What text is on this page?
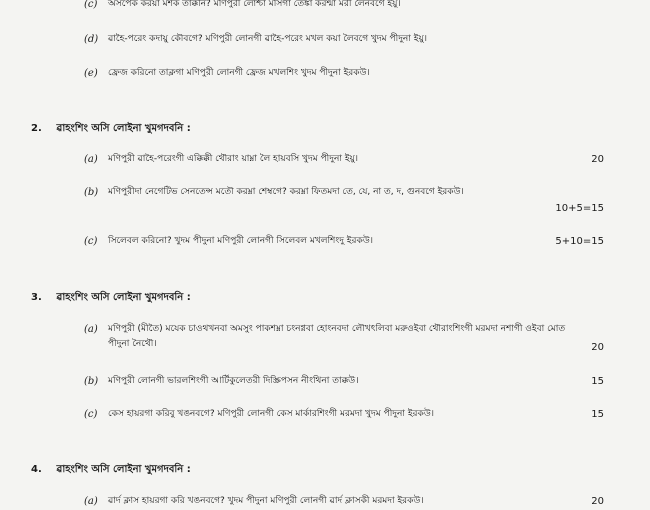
(c)	অসপেক করয়া মশক তাক্কনি? মণিপুরী লোশ্চা মসিগা তেঙ্কা করশ্মা মরী লৈনবগে ইয়ু।
(d)	ৱাহৈ-পরেং কদায়ু কৌবগে? মণিপুরী লোনগী ৱাহৈ-পরেং মখল কয়া লৈবগে খুদম পীদুনা ইয়ু।
(e)	ফ্রেজ করিনো তাক্লগা মণিপুরী লোনগী ফ্রেজ মখলশিং খুদম পীদুনা ইরকউ।
2. ৱাহংশিং অসি লোইনা খুমগদবনি :
(a)	মণিপুরী ৱাহৈ-পরেংগী এক্কিক্কী থৌরাং য়াম্না লৈ হায়বসি খুদম পীদুনা ইয়ু।	20
(b)	মণিপুরীদা নেগেটিভ সেনতেন্স মতৌ করম্না শেম্বগে? করম্না ফিতমদা তে, যে, না ত, দ, গুনবগে ইরকউ।
10+5=15
(c)	সিলেবল করিনো? খুদম পীদুনা মণিপুরী লোনগী সিলেবল মখলশিংদু ইরকউ।	5+10=15
3. ৱাহংশিং অসি লোইনা খুমগদবনি :
(a)	মণিপুরী (মীতৈ) মযেক চাওথখনবা অমসুং পাকশম্না চংনগ্নবা হোংনবদা লৌখৎলিবা মরুওইবা থৌরাংশিংগী মরমদা নশাগী ওইবা মোত পীদুনা নৈথৌ।	20
(b)	মণিপুরী লোনগী ভারলশিংগী আর্টিকুলেতরী দিস্ক্রিপসন নীংথিনা তাক্কউ।	15
(c)	কেস হায়রগা করিবু খঙনবগে? মণিপুরী লোনগী কেস মার্কারশিংগী মরমদা খুদম পীদুনা ইরকউ।	15
4. ৱাহংশিং অসি লোইনা খুমগদবনি :
(a)	ৱার্দ ক্লাস হায়রগা করি খঙনবগে? খুদম পীদুনা মণিপুরী লোনগী ৱার্দ ক্লাসকী মরমদা ইরকউ।	20
